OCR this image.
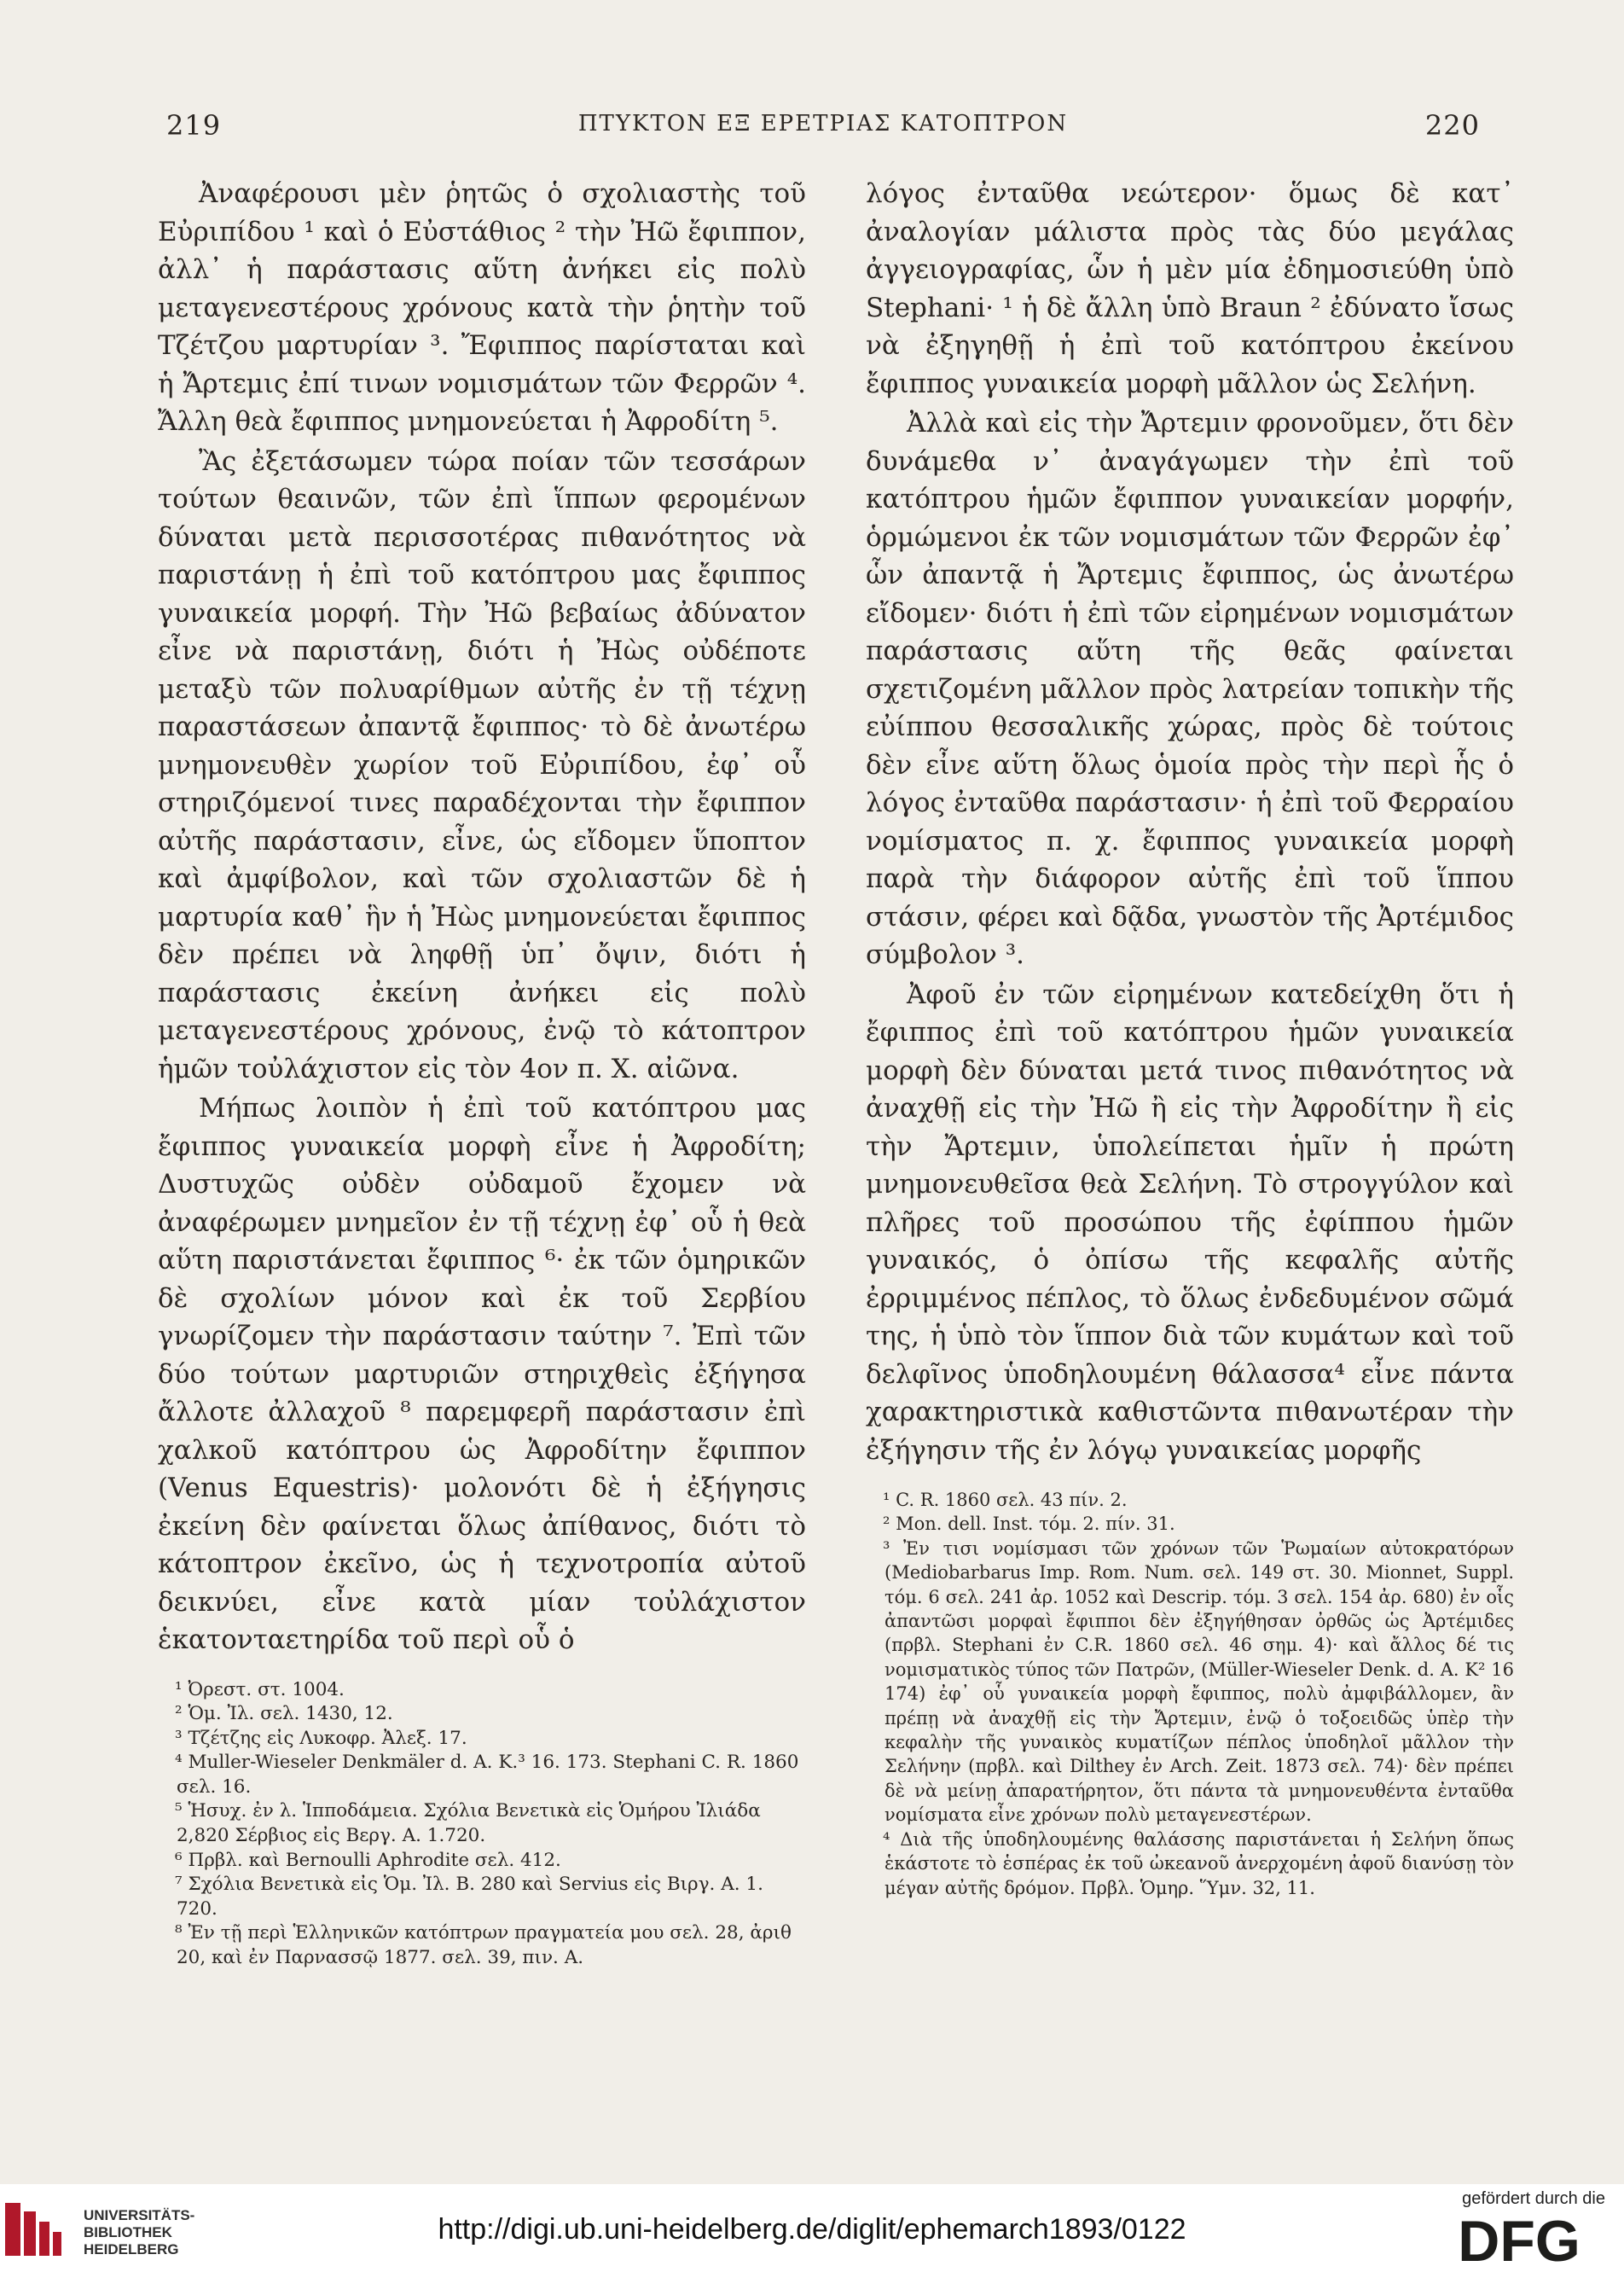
219	ΠΤΥΚΤΟΝ ΕΞ ΕΡΕΤΡΙΑΣ ΚΑΤΟΠΤΡΟΝ	220

Ἀναφέρουσι μὲν ῥητῶς ὁ σχολιαστὴς τοῦ Εὐριπίδου ¹ καὶ ὁ Εὐστάθιος ² τὴν Ἠῶ ἔφιππον, ἀλλ᾽ ἡ παράστασις αὕτη ἀνήκει εἰς πολὺ μεταγενεστέρους χρόνους κατὰ τὴν ῥητὴν τοῦ Τζέτζου μαρτυρίαν ³. Ἔφιππος παρίσταται καὶ ἡ Ἄρτεμις ἐπί τινων νομισμάτων τῶν Φερρῶν ⁴. Ἄλλη θεὰ ἔφιππος μνημονεύεται ἡ Ἀφροδίτη ⁵.

Ἂς ἐξετάσωμεν τώρα ποίαν τῶν τεσσάρων τούτων θεαινῶν, τῶν ἐπὶ ἵππων φερομένων δύναται μετὰ περισσοτέρας πιθανότητος νὰ παριστάνῃ ἡ ἐπὶ τοῦ κατόπτρου μας ἔφιππος γυναικεία μορφή. Τὴν Ἠῶ βεβαίως ἀδύνατον εἶνε νὰ παριστάνῃ, διότι ἡ Ἠὼς οὐδέποτε μεταξὺ τῶν πολυαρίθμων αὐτῆς ἐν τῇ τέχνῃ παραστάσεων ἀπαντᾷ ἔφιππος· τὸ δὲ ἀνωτέρω μνημονευθὲν χωρίον τοῦ Εὐριπίδου, ἐφ᾽ οὗ στηριζόμενοί τινες παραδέχονται τὴν ἔφιππον αὐτῆς παράστασιν, εἶνε, ὡς εἴδομεν ὕποπτον καὶ ἀμφίβολον, καὶ τῶν σχολιαστῶν δὲ ἡ μαρτυρία καθ᾽ ἣν ἡ Ἠὼς μνημονεύεται ἔφιππος δὲν πρέπει νὰ ληφθῇ ὑπ᾽ ὄψιν, διότι ἡ παράστασις ἐκείνη ἀνήκει εἰς πολὺ μεταγενεστέρους χρόνους, ἐνῷ τὸ κάτοπτρον ἡμῶν τοὐλάχιστον εἰς τὸν 4ον π. Χ. αἰῶνα.

Μήπως λοιπὸν ἡ ἐπὶ τοῦ κατόπτρου μας ἔφιππος γυναικεία μορφὴ εἶνε ἡ Ἀφροδίτη; Δυστυχῶς οὐδὲν οὐδαμοῦ ἔχομεν νὰ ἀναφέρωμεν μνημεῖον ἐν τῇ τέχνῃ ἐφ᾽ οὗ ἡ θεὰ αὕτη παριστάνεται ἔφιππος ⁶· ἐκ τῶν ὁμηρικῶν δὲ σχολίων μόνον καὶ ἐκ τοῦ Σερβίου γνωρίζομεν τὴν παράστασιν ταύτην ⁷. Ἐπὶ τῶν δύο τούτων μαρτυριῶν στηριχθεὶς ἐξήγησα ἄλλοτε ἀλλαχοῦ ⁸ παρεμφερῆ παράστασιν ἐπὶ χαλκοῦ κατόπτρου ὡς Ἀφροδίτην ἔφιππον (Venus Equestris)· μολονότι δὲ ἡ ἐξήγησις ἐκείνη δὲν φαίνεται ὅλως ἀπίθανος, διότι τὸ κάτοπτρον ἐκεῖνο, ὡς ἡ τεχνοτροπία αὐτοῦ δεικνύει, εἶνε κατὰ μίαν τοὐλάχιστον ἑκατονταετηρίδα τοῦ περὶ οὗ ὁ

¹ Ὀρεστ. στ. 1004.

² Ὁμ. Ἰλ. σελ. 1430, 12.

³ Τζέτζης εἰς Λυκοφρ. Ἀλεξ. 17.

⁴ Muller-Wieseler Denkmäler d. A. K.³ 16. 173. Stephani C. R. 1860 σελ. 16.

⁵ Ἡσυχ. ἐν λ. Ἱπποδάμεια. Σχόλια Βενετικὰ εἰς Ὁμήρου Ἰλιάδα 2,820 Σέρβιος εἰς Βεργ. Α. 1.720.

⁶ Πρβλ. καὶ Bernoulli Aphrodite σελ. 412.

⁷ Σχόλια Βενετικὰ εἰς Ὁμ. Ἰλ. Β. 280 καὶ Servius εἰς Βιργ. Α. 1. 720.

⁸ Ἐν τῇ περὶ Ἑλληνικῶν κατόπτρων πραγματεία μου σελ. 28, ἀριθ 20, καὶ ἐν Παρνασσῷ 1877. σελ. 39, πιν. Α.

λόγος ἐνταῦθα νεώτερον· ὅμως δὲ κατ᾽ ἀναλογίαν μάλιστα πρὸς τὰς δύο μεγάλας ἀγγειογραφίας, ὧν ἡ μὲν μία ἐδημοσιεύθη ὑπὸ Stephani· ¹ ἡ δὲ ἄλλη ὑπὸ Braun ² ἐδύνατο ἴσως νὰ ἐξηγηθῇ ἡ ἐπὶ τοῦ κατόπτρου ἐκείνου ἔφιππος γυναικεία μορφὴ μᾶλλον ὡς Σελήνη.

Ἀλλὰ καὶ εἰς τὴν Ἄρτεμιν φρονοῦμεν, ὅτι δὲν δυνάμεθα ν᾽ ἀναγάγωμεν τὴν ἐπὶ τοῦ κατόπτρου ἡμῶν ἔφιππον γυναικείαν μορφήν, ὁρμώμενοι ἐκ τῶν νομισμάτων τῶν Φερρῶν ἐφ᾽ ὧν ἀπαντᾷ ἡ Ἄρτεμις ἔφιππος, ὡς ἀνωτέρω εἴδομεν· διότι ἡ ἐπὶ τῶν εἰρημένων νομισμάτων παράστασις αὕτη τῆς θεᾶς φαίνεται σχετιζομένη μᾶλλον πρὸς λατρείαν τοπικὴν τῆς εὐίππου θεσσαλικῆς χώρας, πρὸς δὲ τούτοις δὲν εἶνε αὕτη ὅλως ὁμοία πρὸς τὴν περὶ ἧς ὁ λόγος ἐνταῦθα παράστασιν· ἡ ἐπὶ τοῦ Φερραίου νομίσματος π. χ. ἔφιππος γυναικεία μορφὴ παρὰ τὴν διάφορον αὐτῆς ἐπὶ τοῦ ἵππου στάσιν, φέρει καὶ δᾷδα, γνωστὸν τῆς Ἀρτέμιδος σύμβολον ³.

Ἀφοῦ ἐν τῶν εἰρημένων κατεδείχθη ὅτι ἡ ἔφιππος ἐπὶ τοῦ κατόπτρου ἡμῶν γυναικεία μορφὴ δὲν δύναται μετά τινος πιθανότητος νὰ ἀναχθῇ εἰς τὴν Ἠῶ ἢ εἰς τὴν Ἀφροδίτην ἢ εἰς τὴν Ἄρτεμιν, ὑπολείπεται ἡμῖν ἡ πρώτη μνημονευθεῖσα θεὰ Σελήνη. Τὸ στρογγύλον καὶ πλῆρες τοῦ προσώπου τῆς ἐφίππου ἡμῶν γυναικός, ὁ ὀπίσω τῆς κεφαλῆς αὐτῆς ἐρριμμένος πέπλος, τὸ ὅλως ἐνδεδυμένον σῶμά της, ἡ ὑπὸ τὸν ἵππον διὰ τῶν κυμάτων καὶ τοῦ δελφῖνος ὑποδηλουμένη θάλασσα⁴ εἶνε πάντα χαρακτηριστικὰ καθιστῶντα πιθανωτέραν τὴν ἐξήγησιν τῆς ἐν λόγῳ γυναικείας μορφῆς

¹ C. R. 1860 σελ. 43 πίν. 2.

² Mon. dell. Inst. τόμ. 2. πίν. 31.

³ Ἐν τισι νομίσμασι τῶν χρόνων τῶν Ῥωμαίων αὐτοκρατόρων (Mediobarbarus Imp. Rom. Num. σελ. 149 στ. 30. Mionnet, Suppl. τόμ. 6 σελ. 241 ἀρ. 1052 καὶ Descrip. τόμ. 3 σελ. 154 ἀρ. 680) ἐν οἷς ἀπαντῶσι μορφαὶ ἔφιπποι δὲν ἐξηγήθησαν ὀρθῶς ὡς Ἀρτέμιδες (πρβλ. Stephani ἐν C.R. 1860 σελ. 46 σημ. 4)· καὶ ἄλλος δέ τις νομισματικὸς τύπος τῶν Πατρῶν, (Müller-Wieseler Denk. d. A. K² 16 174) ἐφ᾽ οὗ γυναικεία μορφὴ ἔφιππος, πολὺ ἀμφιβάλλομεν, ἂν πρέπῃ νὰ ἀναχθῇ εἰς τὴν Ἄρτεμιν, ἐνῷ ὁ τοξοειδῶς ὑπὲρ τὴν κεφαλὴν τῆς γυναικὸς κυματίζων πέπλος ὑποδηλοῖ μᾶλλον τὴν Σελήνην (πρβλ. καὶ Dilthey ἐν Arch. Zeit. 1873 σελ. 74)· δὲν πρέπει δὲ νὰ μείνῃ ἀπαρατήρητον, ὅτι πάντα τὰ μνημονευθέντα ἐνταῦθα νομίσματα εἶνε χρόνων πολὺ μεταγενεστέρων.

⁴ Διὰ τῆς ὑποδηλουμένης θαλάσσης παριστάνεται ἡ Σελήνη ὅπως ἑκάστοτε τὸ ἑσπέρας ἐκ τοῦ ὠκεανοῦ ἀνερχομένη ἀφοῦ διανύσῃ τὸν μέγαν αὐτῆς δρόμον. Πρβλ. Ὁμηρ. Ὕμν. 32, 11.

UNIVERSITÄTS-
BIBLIOTHEK
HEIDELBERG
http://digi.ub.uni-heidelberg.de/diglit/ephemarch1893/0122
gefördert durch die
DFG
